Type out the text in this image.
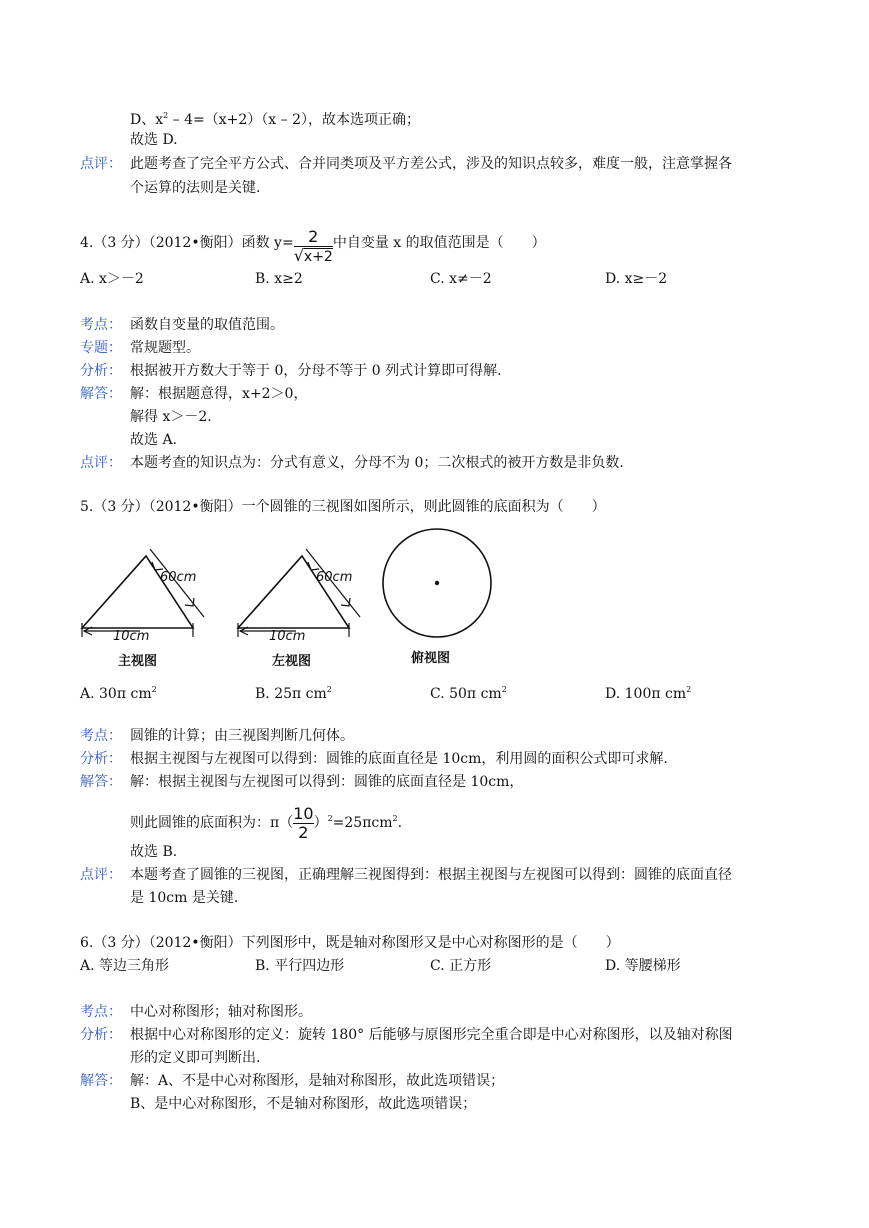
D、$x^2 - 4=(x+2)(x - 2)$，故本选项正确；
故选 D.
点评： 此题考查了完全平方公式、合并同类项及平方差公式，涉及的知识点较多，难度一般，注意掌握各
个运算的法则是关键.
4.（3 分）（2012•衡阳）函数 $y= \frac{2}{√x+2}$ 中自变量 x 的取值范围是（　　）
A. x＞－2	B. x≥2	C. x≠－2	D. x≥－2
考点： 函数自变量的取值范围。
专题： 常规题型。
分析： 根据被开方数大于等于 0，分母不等于 0 列式计算即可得解.
解答： 解：根据题意得，x+2＞0，
解得 x＞－2.
故选 A.
点评： 本题考查的知识点为：分式有意义，分母不为 0；二次根式的被开方数是非负数.
5.（3 分）（2012•衡阳）一个圆锥的三视图如图所示，则此圆锥的底面积为（　　）
60cm
10cm
主视图
60cm
10cm
左视图	俯视图
A. 30π $cm^2$	B. 25π $cm^2$	C. 50π $cm^2$	D. 100π $cm^2$
考点： 圆锥的计算；由三视图判断几何体。
分析： 根据主视图与左视图可以得到：圆锥的底面直径是 10cm，利用圆的面积公式即可求解.
解答： 解：根据主视图与左视图可以得到：圆锥的底面直径是 10cm，
则此圆锥的底面积为：$\pi( \frac{10}{2} )^2=25\pi cm^2$.
故选 B.
点评： 本题考查了圆锥的三视图，正确理解三视图得到：根据主视图与左视图可以得到：圆锥的底面直径
是 10cm 是关键.
6.（3 分）（2012•衡阳）下列图形中，既是轴对称图形又是中心对称图形的是（　　）
A. 等边三角形	B. 平行四边形	C. 正方形	D. 等腰梯形
考点： 中心对称图形；轴对称图形。
分析： 根据中心对称图形的定义：旋转 180° 后能够与原图形完全重合即是中心对称图形，以及轴对称图
形的定义即可判断出.
解答： 解：A、不是中心对称图形，是轴对称图形，故此选项错误；
B、是中心对称图形，不是轴对称图形，故此选项错误；
